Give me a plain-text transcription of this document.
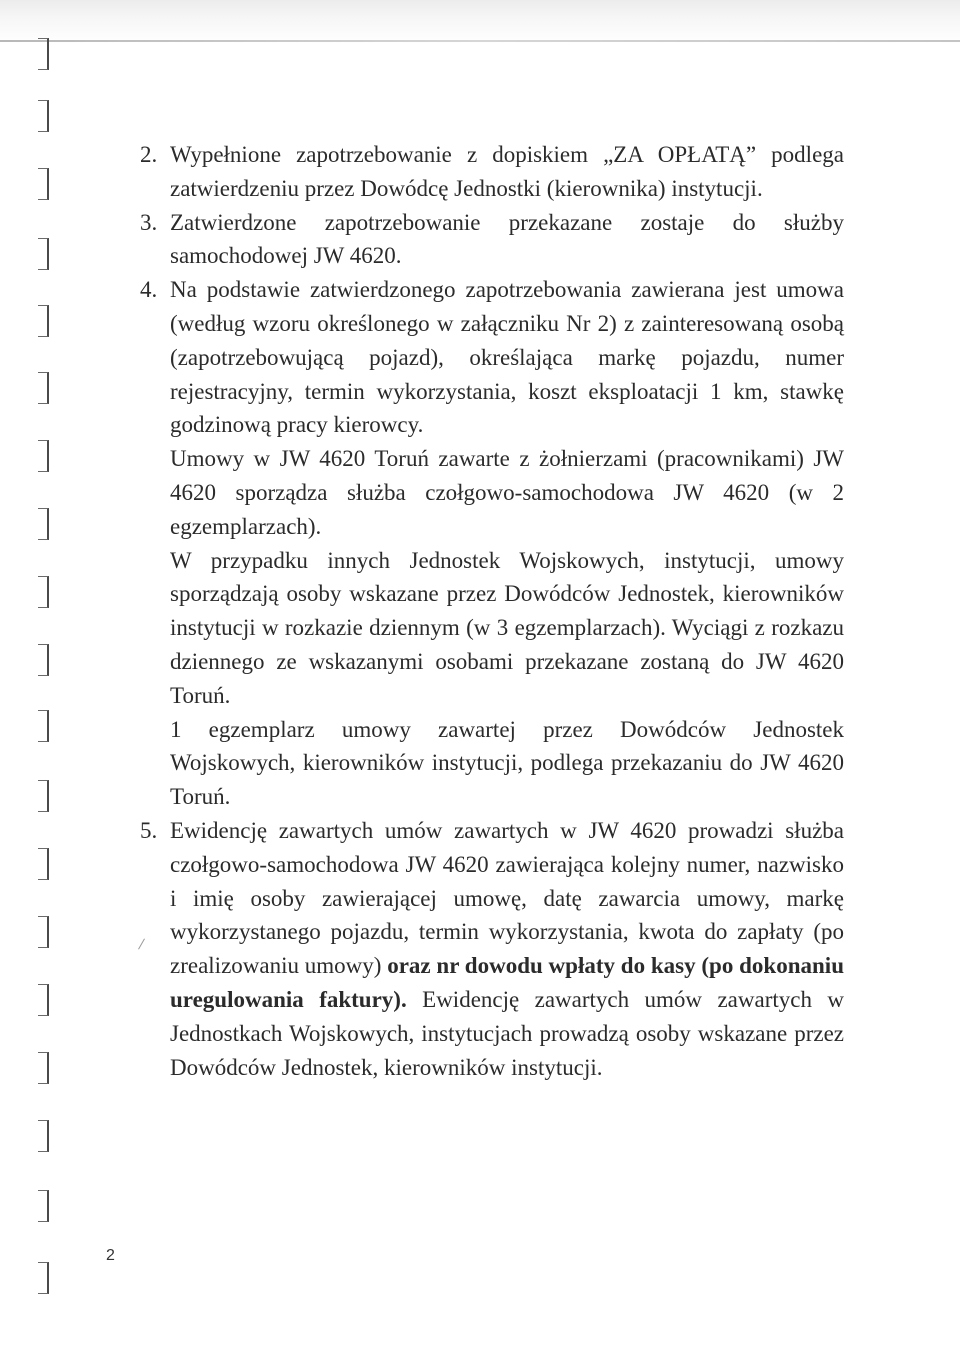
2. Wypełnione zapotrzebowanie z dopiskiem „ZA OPŁATĄ” podlega zatwierdzeniu przez Dowódcę Jednostki (kierownika) instytucji.

3. Zatwierdzone zapotrzebowanie przekazane zostaje do służby samochodowej JW 4620.

4. Na podstawie zatwierdzonego zapotrzebowania zawierana jest umowa (według wzoru określonego w załączniku Nr 2) z zainteresowaną osobą (zapotrzebowującą pojazd), określająca markę pojazdu, numer rejestracyjny, termin wykorzystania, koszt eksploatacji 1 km, stawkę godzinową pracy kierowcy.

Umowy w JW 4620 Toruń zawarte z żołnierzami (pracownikami) JW 4620 sporządza służba czołgowo-samochodowa JW 4620 (w 2 egzemplarzach).

W przypadku innych Jednostek Wojskowych, instytucji, umowy sporządzają osoby wskazane przez Dowódców Jednostek, kierowników instytucji w rozkazie dziennym (w 3 egzemplarzach). Wyciągi z rozkazu dziennego ze wskazanymi osobami przekazane zostaną do JW 4620 Toruń.

1 egzemplarz umowy zawartej przez Dowódców Jednostek Wojskowych, kierowników instytucji, podlega przekazaniu do JW 4620 Toruń.

5. Ewidencję zawartych umów zawartych w JW 4620 prowadzi służba czołgowo-samochodowa JW 4620 zawierająca kolejny numer, nazwisko i imię osoby zawierającej umowę, datę zawarcia umowy, markę wykorzystanego pojazdu, termin wykorzystania, kwota do zapłaty (po zrealizowaniu umowy) oraz nr dowodu wpłaty do kasy (po dokonaniu uregulowania faktury). Ewidencję zawartych umów zawartych w Jednostkach Wojskowych, instytucjach prowadzą osoby wskazane przez Dowódców Jednostek, kierowników instytucji.

2
